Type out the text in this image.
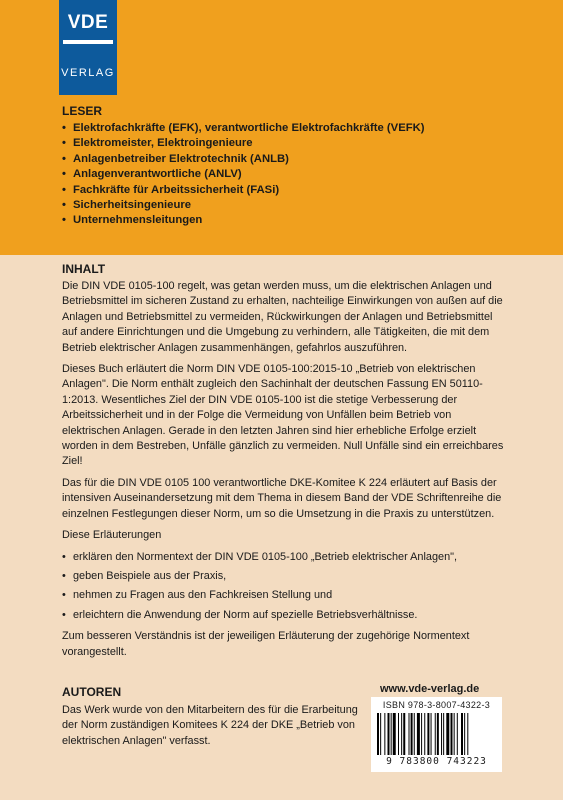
VDE
VERLAG
LESER
• Elektrofachkräfte (EFK), verantwortliche Elektrofachkräfte (VEFK)
• Elektromeister, Elektroingenieure
• Anlagenbetreiber Elektrotechnik (ANLB)
• Anlagenverantwortliche (ANLV)
• Fachkräfte für Arbeitssicherheit (FASi)
• Sicherheitsingenieure
• Unternehmensleitungen
INHALT

Die DIN VDE 0105-100 regelt, was getan werden muss, um die elektrischen Anlagen und Betriebsmittel im sicheren Zustand zu erhalten, nachteilige Einwirkungen von außen auf die Anlagen und Betriebsmittel zu vermeiden, Rückwirkungen der Anlagen und Betriebsmittel auf andere Einrichtungen und die Umgebung zu verhindern, alle Tätigkeiten, die mit dem Betrieb elektrischer Anlagen zusammenhängen, gefahrlos auszuführen.

Dieses Buch erläutert die Norm DIN VDE 0105-100:2015-10 „Betrieb von elektrischen Anlagen". Die Norm enthält zugleich den Sachinhalt der deutschen Fassung EN 50110-1:2013. Wesentliches Ziel der DIN VDE 0105-100 ist die stetige Verbesserung der Arbeitssicherheit und in der Folge die Vermeidung von Unfällen beim Betrieb von elektrischen Anlagen. Gerade in den letzten Jahren sind hier erhebliche Erfolge erzielt worden in dem Bestreben, Unfälle gänzlich zu vermeiden. Null Unfälle sind ein erreichbares Ziel!

Das für die DIN VDE 0105 100 verantwortliche DKE-Komitee K 224 erläutert auf Basis der intensiven Auseinandersetzung mit dem Thema in diesem Band der VDE Schriftenreihe die einzelnen Festlegungen dieser Norm, um so die Umsetzung in die Praxis zu unterstützen.

Diese Erläuterungen

• erklären den Normentext der DIN VDE 0105-100 „Betrieb elektrischer Anlagen",
• geben Beispiele aus der Praxis,
• nehmen zu Fragen aus den Fachkreisen Stellung und
• erleichtern die Anwendung der Norm auf spezielle Betriebsverhältnisse.

Zum besseren Verständnis ist der jeweiligen Erläuterung der zugehörige Normentext vorangestellt.

AUTOREN

Das Werk wurde von den Mitarbeitern des für die Erarbeitung der Norm zuständigen Komitees K 224 der DKE „Betrieb von elektrischen Anlagen" verfasst.

www.vde-verlag.de
ISBN 978-3-8007-4322-3
9 783800 743223
